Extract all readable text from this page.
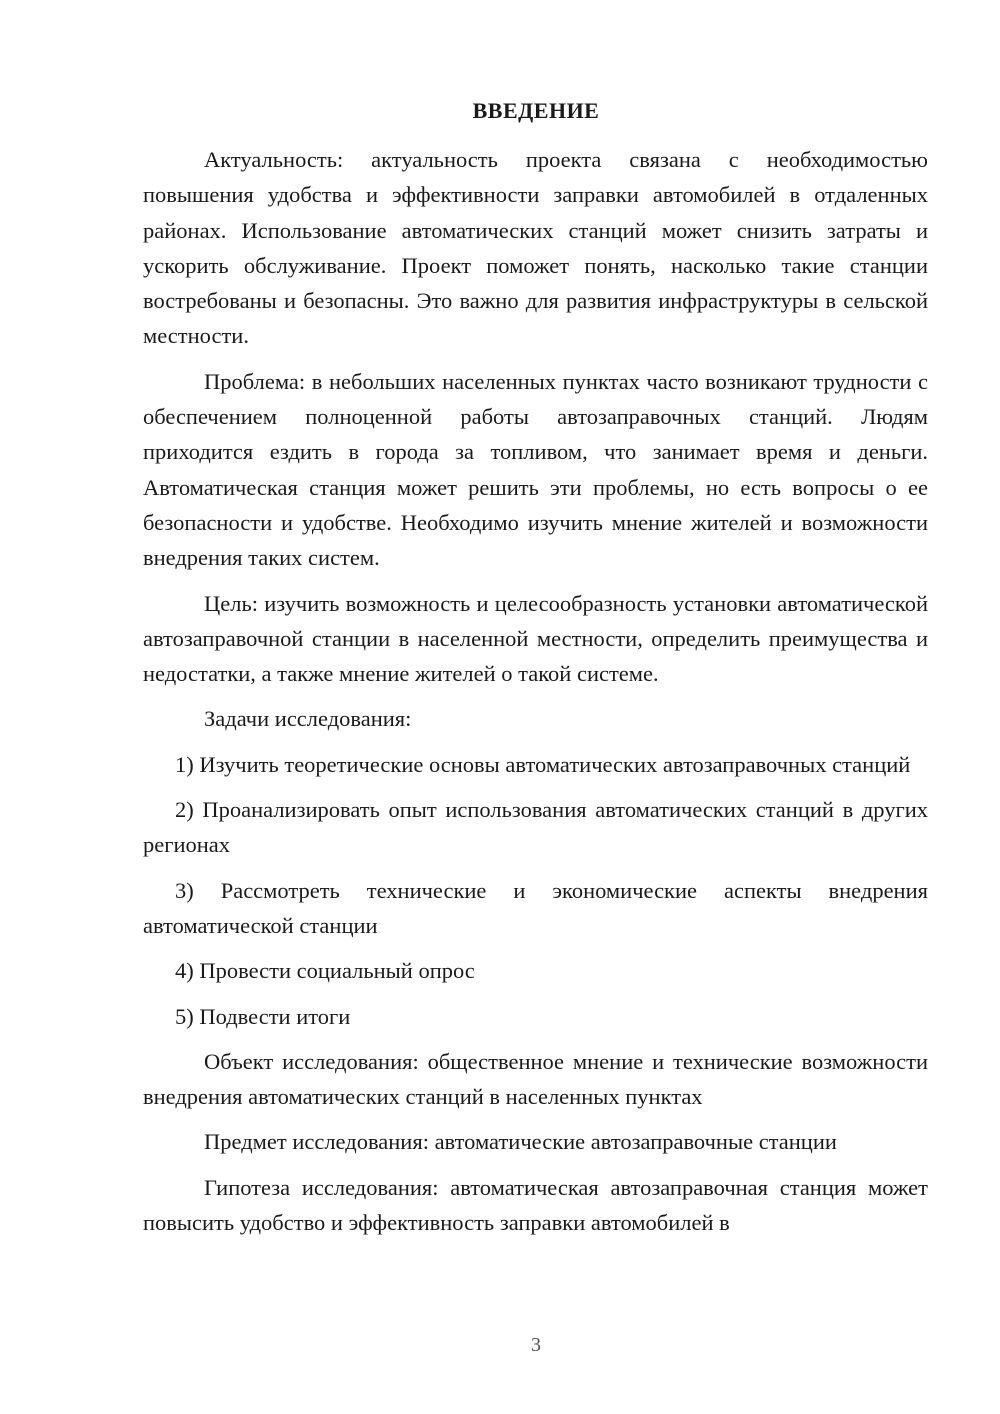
ВВЕДЕНИЕ

Актуальность: актуальность проекта связана с необходимостью повышения удобства и эффективности заправки автомобилей в отдаленных районах. Использование автоматических станций может снизить затраты и ускорить обслуживание. Проект поможет понять, насколько такие станции востребованы и безопасны. Это важно для развития инфраструктуры в сельской местности.

Проблема: в небольших населенных пунктах часто возникают трудности с обеспечением полноценной работы автозаправочных станций. Людям приходится ездить в города за топливом, что занимает время и деньги. Автоматическая станция может решить эти проблемы, но есть вопросы о ее безопасности и удобстве. Необходимо изучить мнение жителей и возможности внедрения таких систем.

Цель: изучить возможность и целесообразность установки автоматической автозаправочной станции в населенной местности, определить преимущества и недостатки, а также мнение жителей о такой системе.

Задачи исследования:

1) Изучить теоретические основы автоматических автозаправочных станций

2) Проанализировать опыт использования автоматических станций в других регионах

3) Рассмотреть технические и экономические аспекты внедрения автоматической станции

4) Провести социальный опрос

5) Подвести итоги

Объект исследования: общественное мнение и технические возможности внедрения автоматических станций в населенных пунктах

Предмет исследования: автоматические автозаправочные станции

Гипотеза исследования: автоматическая автозаправочная станция может повысить удобство и эффективность заправки автомобилей в

3
